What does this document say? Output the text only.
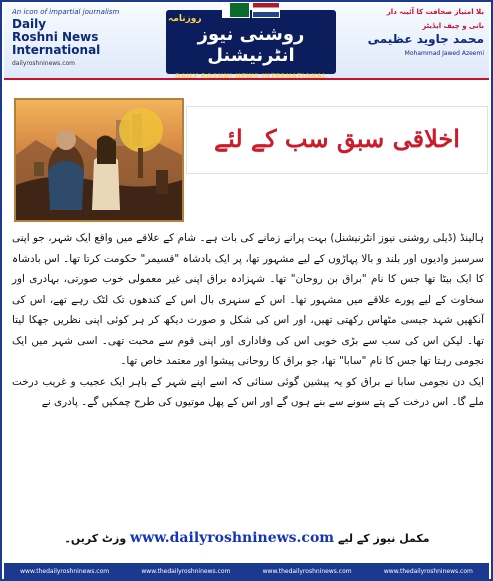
An icon of impartial journalism
Daily
Roshni News
International
dailyroshninews.com
روزنامہ
روشنی نیوز انٹرنیشنل
DAILY ROSHNI NEWS INTERNATIONAL
بلا امتیاز صحافت کا آئینہ دار
بانی و چیف ایڈیٹر
محمد جاوید عظیمی
Mohammad Jawed Azeemi
اخلاقی سبق سب کے لئے

ہالینڈ (ڈیلی روشنی نیوز انٹرنیشنل) بہت پرانے زمانے کی بات ہے۔ شام کے علاقے میں واقع ایک شہر، جو اپنی سرسبز وادیوں اور بلند و بالا پہاڑوں کے لیے مشہور تھا، پر ایک بادشاہ "قسیمر" حکومت کرتا تھا۔ اس بادشاہ کا ایک بیٹا تھا جس کا نام "براق بن روحان" تھا۔ شہزادہ براق اپنی غیر معمولی خوب صورتی، بہادری اور سخاوت کے لیے پورے علاقے میں مشہور تھا۔ اس کے سنہری بال اس کے کندھوں تک لٹک رہے تھے، اس کی آنکھیں شہد جیسی مٹھاس رکھتی تھیں، اور اس کی شکل و صورت دیکھ کر ہر کوئی اپنی نظریں جھکا لیتا تھا۔ لیکن اس کی سب سے بڑی خوبی اس کی وفاداری اور اپنی قوم سے محبت تھی۔ اسی شہر میں ایک نجومی رہتا تھا جس کا نام "سابا" تھا، جو براق کا روحانی پیشوا اور معتمد خاص تھا۔

ایک دن نجومی سابا نے براق کو یہ پیشین گوئی سنائی کہ اسے اپنے شہر کے باہر ایک عجیب و غریب درخت ملے گا۔ اس درخت کے پتے سونے سے بنے ہوں گے اور اس کے پھل موتیوں کی طرح چمکیں گے۔ پادری نے

مکمل نیوز کے لیے www.dailyroshninews.com وزٹ کریں۔
www.thedailyroshninews.com	www.thedailyroshninews.com	www.thedailyroshninews.com	www.thedailyroshninews.com
